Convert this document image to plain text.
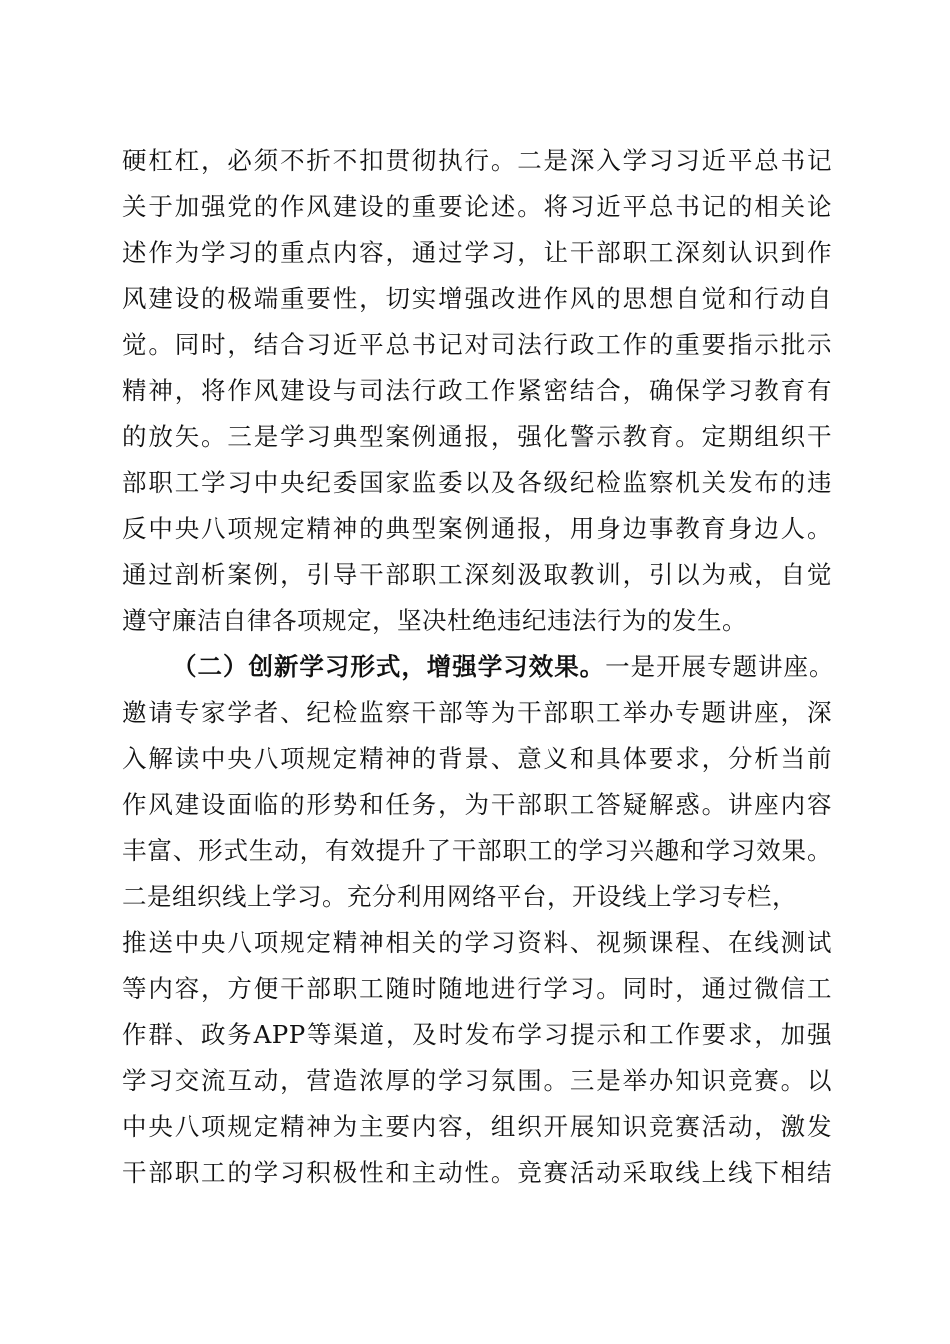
硬杠杠，必须不折不扣贯彻执行。二是深入学习习近平总书记
关于加强党的作风建设的重要论述。将习近平总书记的相关论
述作为学习的重点内容，通过学习，让干部职工深刻认识到作
风建设的极端重要性，切实增强改进作风的思想自觉和行动自
觉。同时，结合习近平总书记对司法行政工作的重要指示批示
精神，将作风建设与司法行政工作紧密结合，确保学习教育有
的放矢。三是学习典型案例通报，强化警示教育。定期组织干
部职工学习中央纪委国家监委以及各级纪检监察机关发布的违
反中央八项规定精神的典型案例通报，用身边事教育身边人。
通过剖析案例，引导干部职工深刻汲取教训，引以为戒，自觉
遵守廉洁自律各项规定，坚决杜绝违纪违法行为的发生。
（二）创新学习形式，增强学习效果。一是开展专题讲座。
邀请专家学者、纪检监察干部等为干部职工举办专题讲座，深
入解读中央八项规定精神的背景、意义和具体要求，分析当前
作风建设面临的形势和任务，为干部职工答疑解惑。讲座内容
丰富、形式生动，有效提升了干部职工的学习兴趣和学习效果。
二是组织线上学习。充分利用网络平台，开设线上学习专栏，
推送中央八项规定精神相关的学习资料、视频课程、在线测试
等内容，方便干部职工随时随地进行学习。同时，通过微信工
作群、政务APP等渠道，及时发布学习提示和工作要求，加强
学习交流互动，营造浓厚的学习氛围。三是举办知识竞赛。以
中央八项规定精神为主要内容，组织开展知识竞赛活动，激发
干部职工的学习积极性和主动性。竞赛活动采取线上线下相结
